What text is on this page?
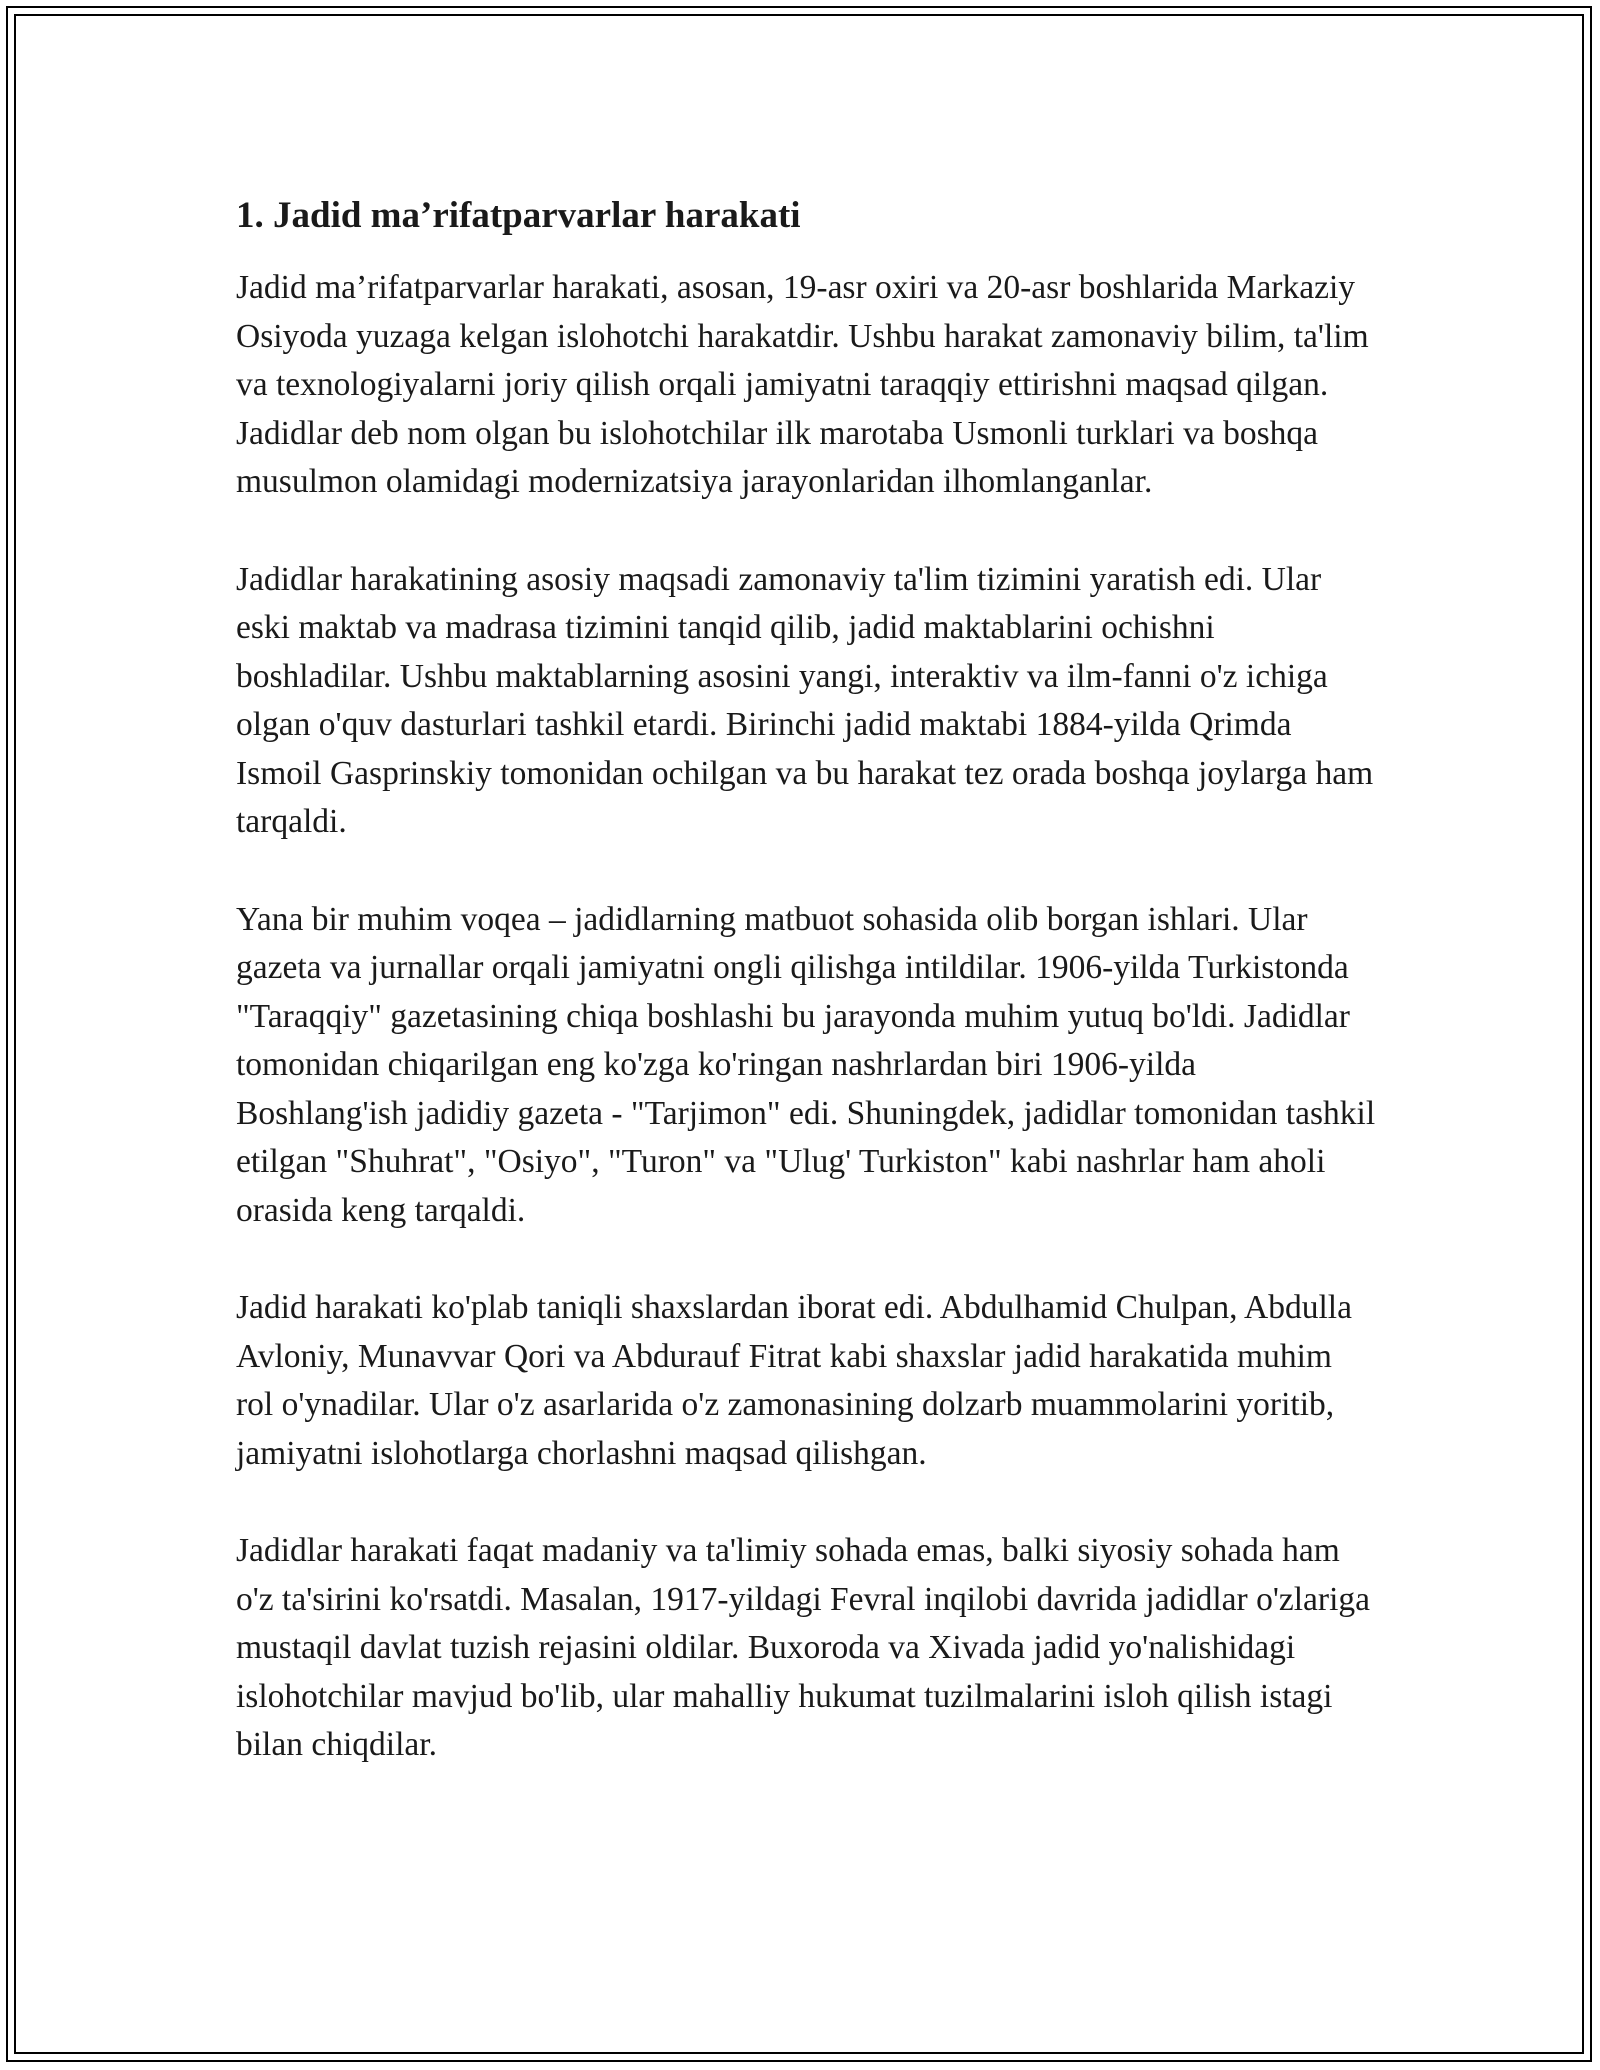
1. Jadid ma’rifatparvarlar harakati

Jadid ma’rifatparvarlar harakati, asosan, 19-asr oxiri va 20-asr boshlarida Markaziy Osiyoda yuzaga kelgan islohotchi harakatdir. Ushbu harakat zamonaviy bilim, ta'lim va texnologiyalarni joriy qilish orqali jamiyatni taraqqiy ettirishni maqsad qilgan. Jadidlar deb nom olgan bu islohotchilar ilk marotaba Usmonli turklari va boshqa musulmon olamidagi modernizatsiya jarayonlaridan ilhomlanganlar.

Jadidlar harakatining asosiy maqsadi zamonaviy ta'lim tizimini yaratish edi. Ular eski maktab va madrasa tizimini tanqid qilib, jadid maktablarini ochishni boshladilar. Ushbu maktablarning asosini yangi, interaktiv va ilm-fanni o'z ichiga olgan o'quv dasturlari tashkil etardi. Birinchi jadid maktabi 1884-yilda Qrimda Ismoil Gasprinskiy tomonidan ochilgan va bu harakat tez orada boshqa joylarga ham tarqaldi.

Yana bir muhim voqea – jadidlarning matbuot sohasida olib borgan ishlari. Ular gazeta va jurnallar orqali jamiyatni ongli qilishga intildilar. 1906-yilda Turkistonda "Taraqqiy" gazetasining chiqa boshlashi bu jarayonda muhim yutuq bo'ldi. Jadidlar tomonidan chiqarilgan eng ko'zga ko'ringan nashrlardan biri 1906-yilda Boshlang'ish jadidiy gazeta - "Tarjimon" edi. Shuningdek, jadidlar tomonidan tashkil etilgan "Shuhrat", "Osiyo", "Turon" va "Ulug' Turkiston" kabi nashrlar ham aholi orasida keng tarqaldi.

Jadid harakati ko'plab taniqli shaxslardan iborat edi. Abdulhamid Chulpan, Abdulla Avloniy, Munavvar Qori va Abdurauf Fitrat kabi shaxslar jadid harakatida muhim rol o'ynadilar. Ular o'z asarlarida o'z zamonasining dolzarb muammolarini yoritib, jamiyatni islohotlarga chorlashni maqsad qilishgan.

Jadidlar harakati faqat madaniy va ta'limiy sohada emas, balki siyosiy sohada ham o'z ta'sirini ko'rsatdi. Masalan, 1917-yildagi Fevral inqilobi davrida jadidlar o'zlariga mustaqil davlat tuzish rejasini oldilar. Buxoroda va Xivada jadid yo'nalishidagi islohotchilar mavjud bo'lib, ular mahalliy hukumat tuzilmalarini isloh qilish istagi bilan chiqdilar.
